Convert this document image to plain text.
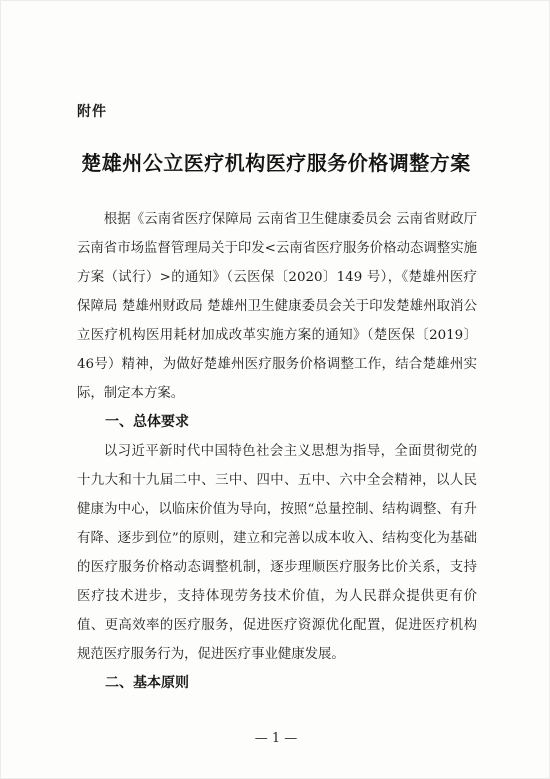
附件
楚雄州公立医疗机构医疗服务价格调整方案

根据《云南省医疗保障局 云南省卫生健康委员会 云南省财政厅 云南省市场监督管理局关于印发<云南省医疗服务价格动态调整实施方案（试行）>的通知》（云医保〔2020〕149 号），《楚雄州医疗保障局 楚雄州财政局 楚雄州卫生健康委员会关于印发楚雄州取消公立医疗机构医用耗材加成改革实施方案的通知》（楚医保〔2019〕46号）精神，为做好楚雄州医疗服务价格调整工作，结合楚雄州实际，制定本方案。

一、总体要求

以习近平新时代中国特色社会主义思想为指导，全面贯彻党的十九大和十九届二中、三中、四中、五中、六中全会精神，以人民健康为中心，以临床价值为导向，按照“总量控制、结构调整、有升有降、逐步到位”的原则，建立和完善以成本收入、结构变化为基础的医疗服务价格动态调整机制，逐步理顺医疗服务比价关系，支持医疗技术进步，支持体现劳务技术价值，为人民群众提供更有价值、更高效率的医疗服务，促进医疗资源优化配置，促进医疗机构规范医疗服务行为，促进医疗事业健康发展。

二、基本原则

— 1 —
